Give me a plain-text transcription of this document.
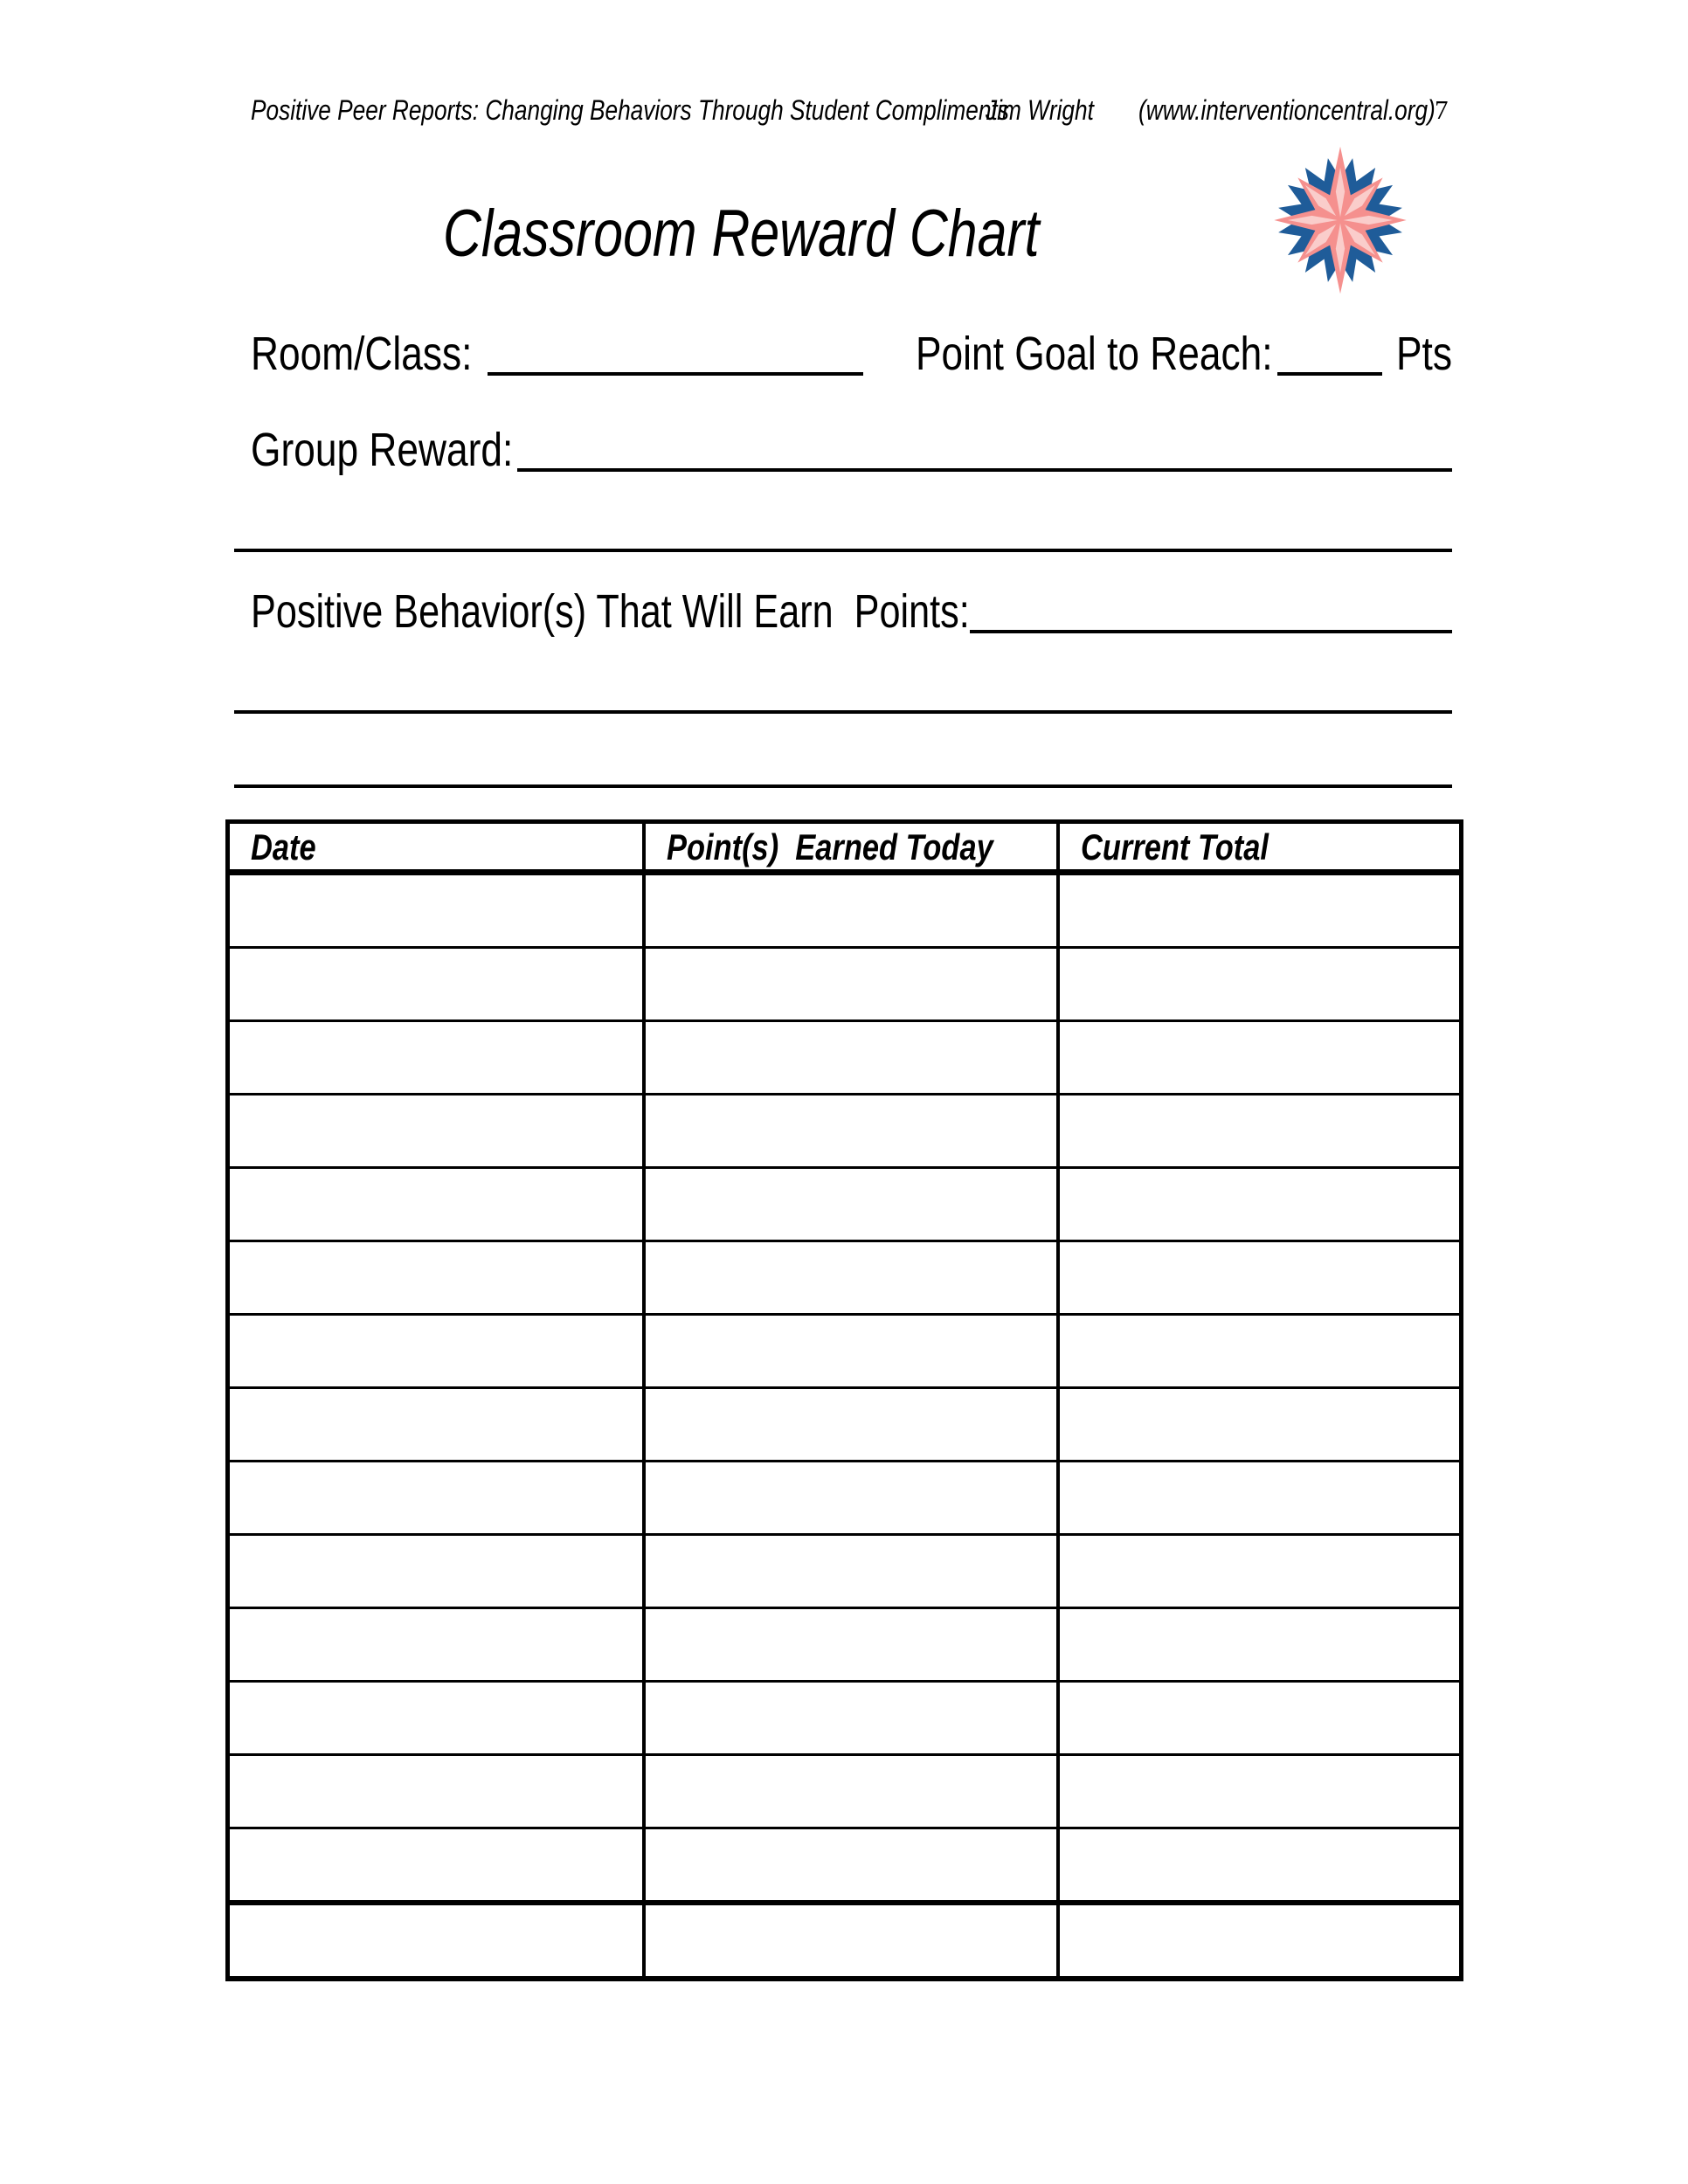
Positive Peer Reports: Changing Behaviors Through Student Compliments
Jim Wright (www.interventioncentral.org) 7
Classroom Reward Chart
Room/Class:	Point Goal to Reach:	Pts
Group Reward:
Positive Behavior(s) That Will Earn  Points:
Date	Point(s)  Earned Today	Current Total
